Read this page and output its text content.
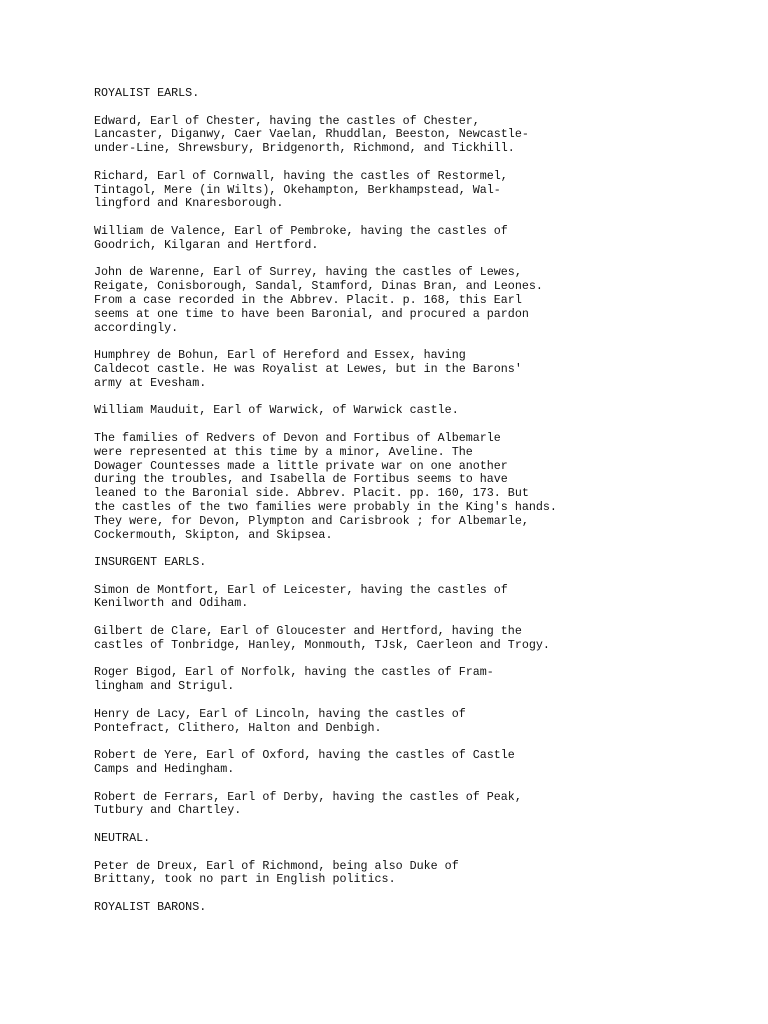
ROYALIST EARLS.
Edward, Earl of Chester, having the castles of Chester,
Lancaster, Diganwy, Caer Vaelan, Rhuddlan, Beeston, Newcastle-
under-Line, Shrewsbury, Bridgenorth, Richmond, and Tickhill.
Richard, Earl of Cornwall, having the castles of Restormel,
Tintagol, Mere (in Wilts), Okehampton, Berkhampstead, Wal-
lingford and Knaresborough.
William de Valence, Earl of Pembroke, having the castles of
Goodrich, Kilgaran and Hertford.
John de Warenne, Earl of Surrey, having the castles of Lewes,
Reigate, Conisborough, Sandal, Stamford, Dinas Bran, and Leones.
From a case recorded in the Abbrev. Placit. p. 168, this Earl
seems at one time to have been Baronial, and procured a pardon
accordingly.
Humphrey de Bohun, Earl of Hereford and Essex, having
Caldecot castle. He was Royalist at Lewes, but in the Barons'
army at Evesham.
William Mauduit, Earl of Warwick, of Warwick castle.
The families of Redvers of Devon and Fortibus of Albemarle
were represented at this time by a minor, Aveline. The
Dowager Countesses made a little private war on one another
during the troubles, and Isabella de Fortibus seems to have
leaned to the Baronial side. Abbrev. Placit. pp. 160, 173. But
the castles of the two families were probably in the King's hands.
They were, for Devon, Plympton and Carisbrook ; for Albemarle,
Cockermouth, Skipton, and Skipsea.
INSURGENT EARLS.
Simon de Montfort, Earl of Leicester, having the castles of
Kenilworth and Odiham.
Gilbert de Clare, Earl of Gloucester and Hertford, having the
castles of Tonbridge, Hanley, Monmouth, TJsk, Caerleon and Trogy.
Roger Bigod, Earl of Norfolk, having the castles of Fram-
lingham and Strigul.
Henry de Lacy, Earl of Lincoln, having the castles of
Pontefract, Clithero, Halton and Denbigh.
Robert de Yere, Earl of Oxford, having the castles of Castle
Camps and Hedingham.
Robert de Ferrars, Earl of Derby, having the castles of Peak,
Tutbury and Chartley.
NEUTRAL.
Peter de Dreux, Earl of Richmond, being also Duke of
Brittany, took no part in English politics.
ROYALIST BARONS.
